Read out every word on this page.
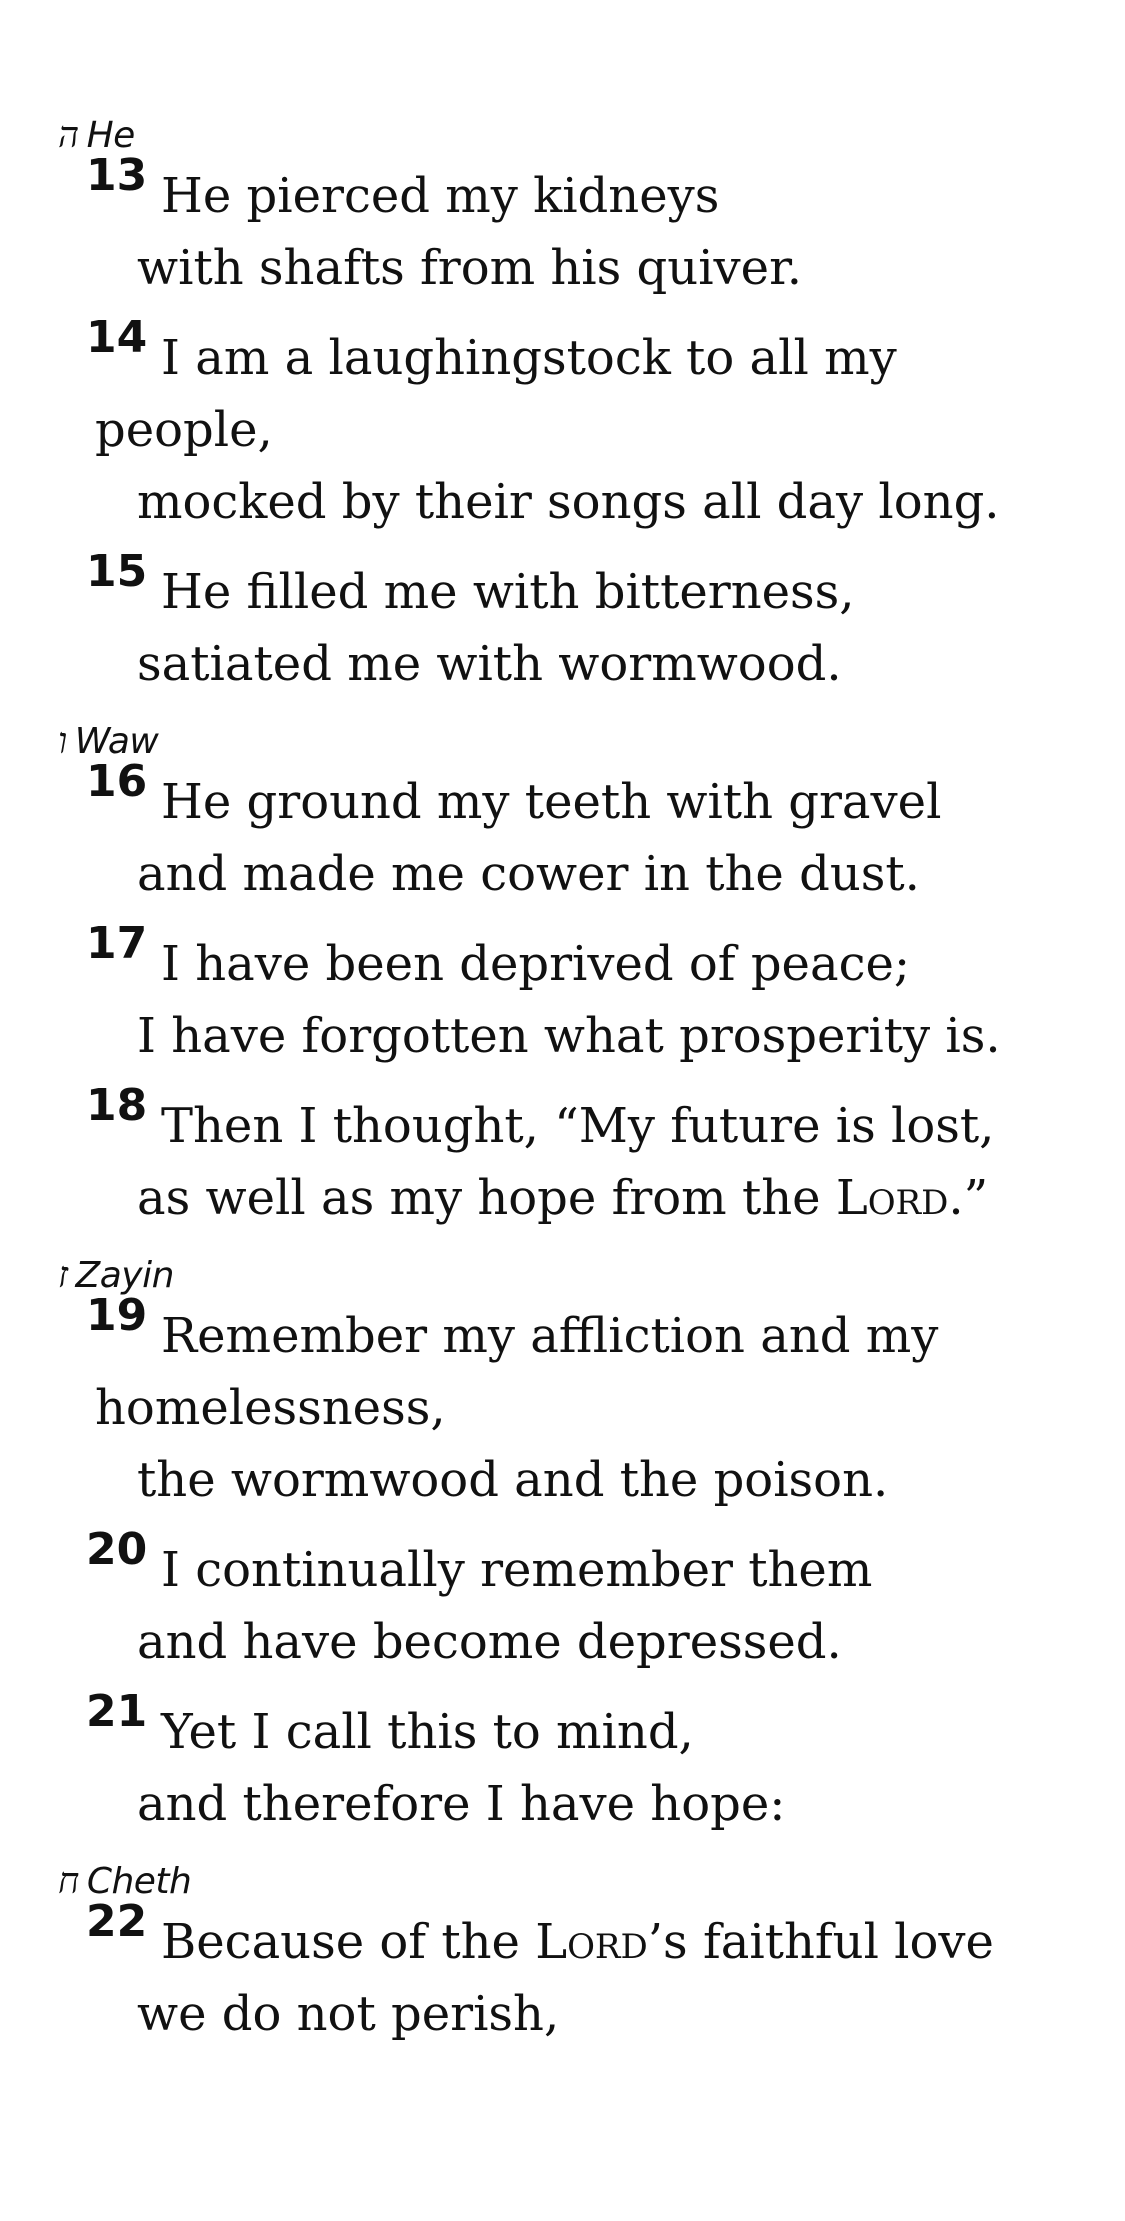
ה He
13 He pierced my kidneys
with shafts from his quiver.
14 I am a laughingstock to all my
people,
mocked by their songs all day long.
15 He filled me with bitterness,
satiated me with wormwood.
ו Waw
16 He ground my teeth with gravel
and made me cower in the dust.
17 I have been deprived of peace;
I have forgotten what prosperity is.
18 Then I thought, “My future is lost,
as well as my hope from the Lord.”
ז Zayin
19 Remember my affliction and my
homelessness,
the wormwood and the poison.
20 I continually remember them
and have become depressed.
21 Yet I call this to mind,
and therefore I have hope:
ח Cheth
22 Because of the Lord’s faithful love
we do not perish,
